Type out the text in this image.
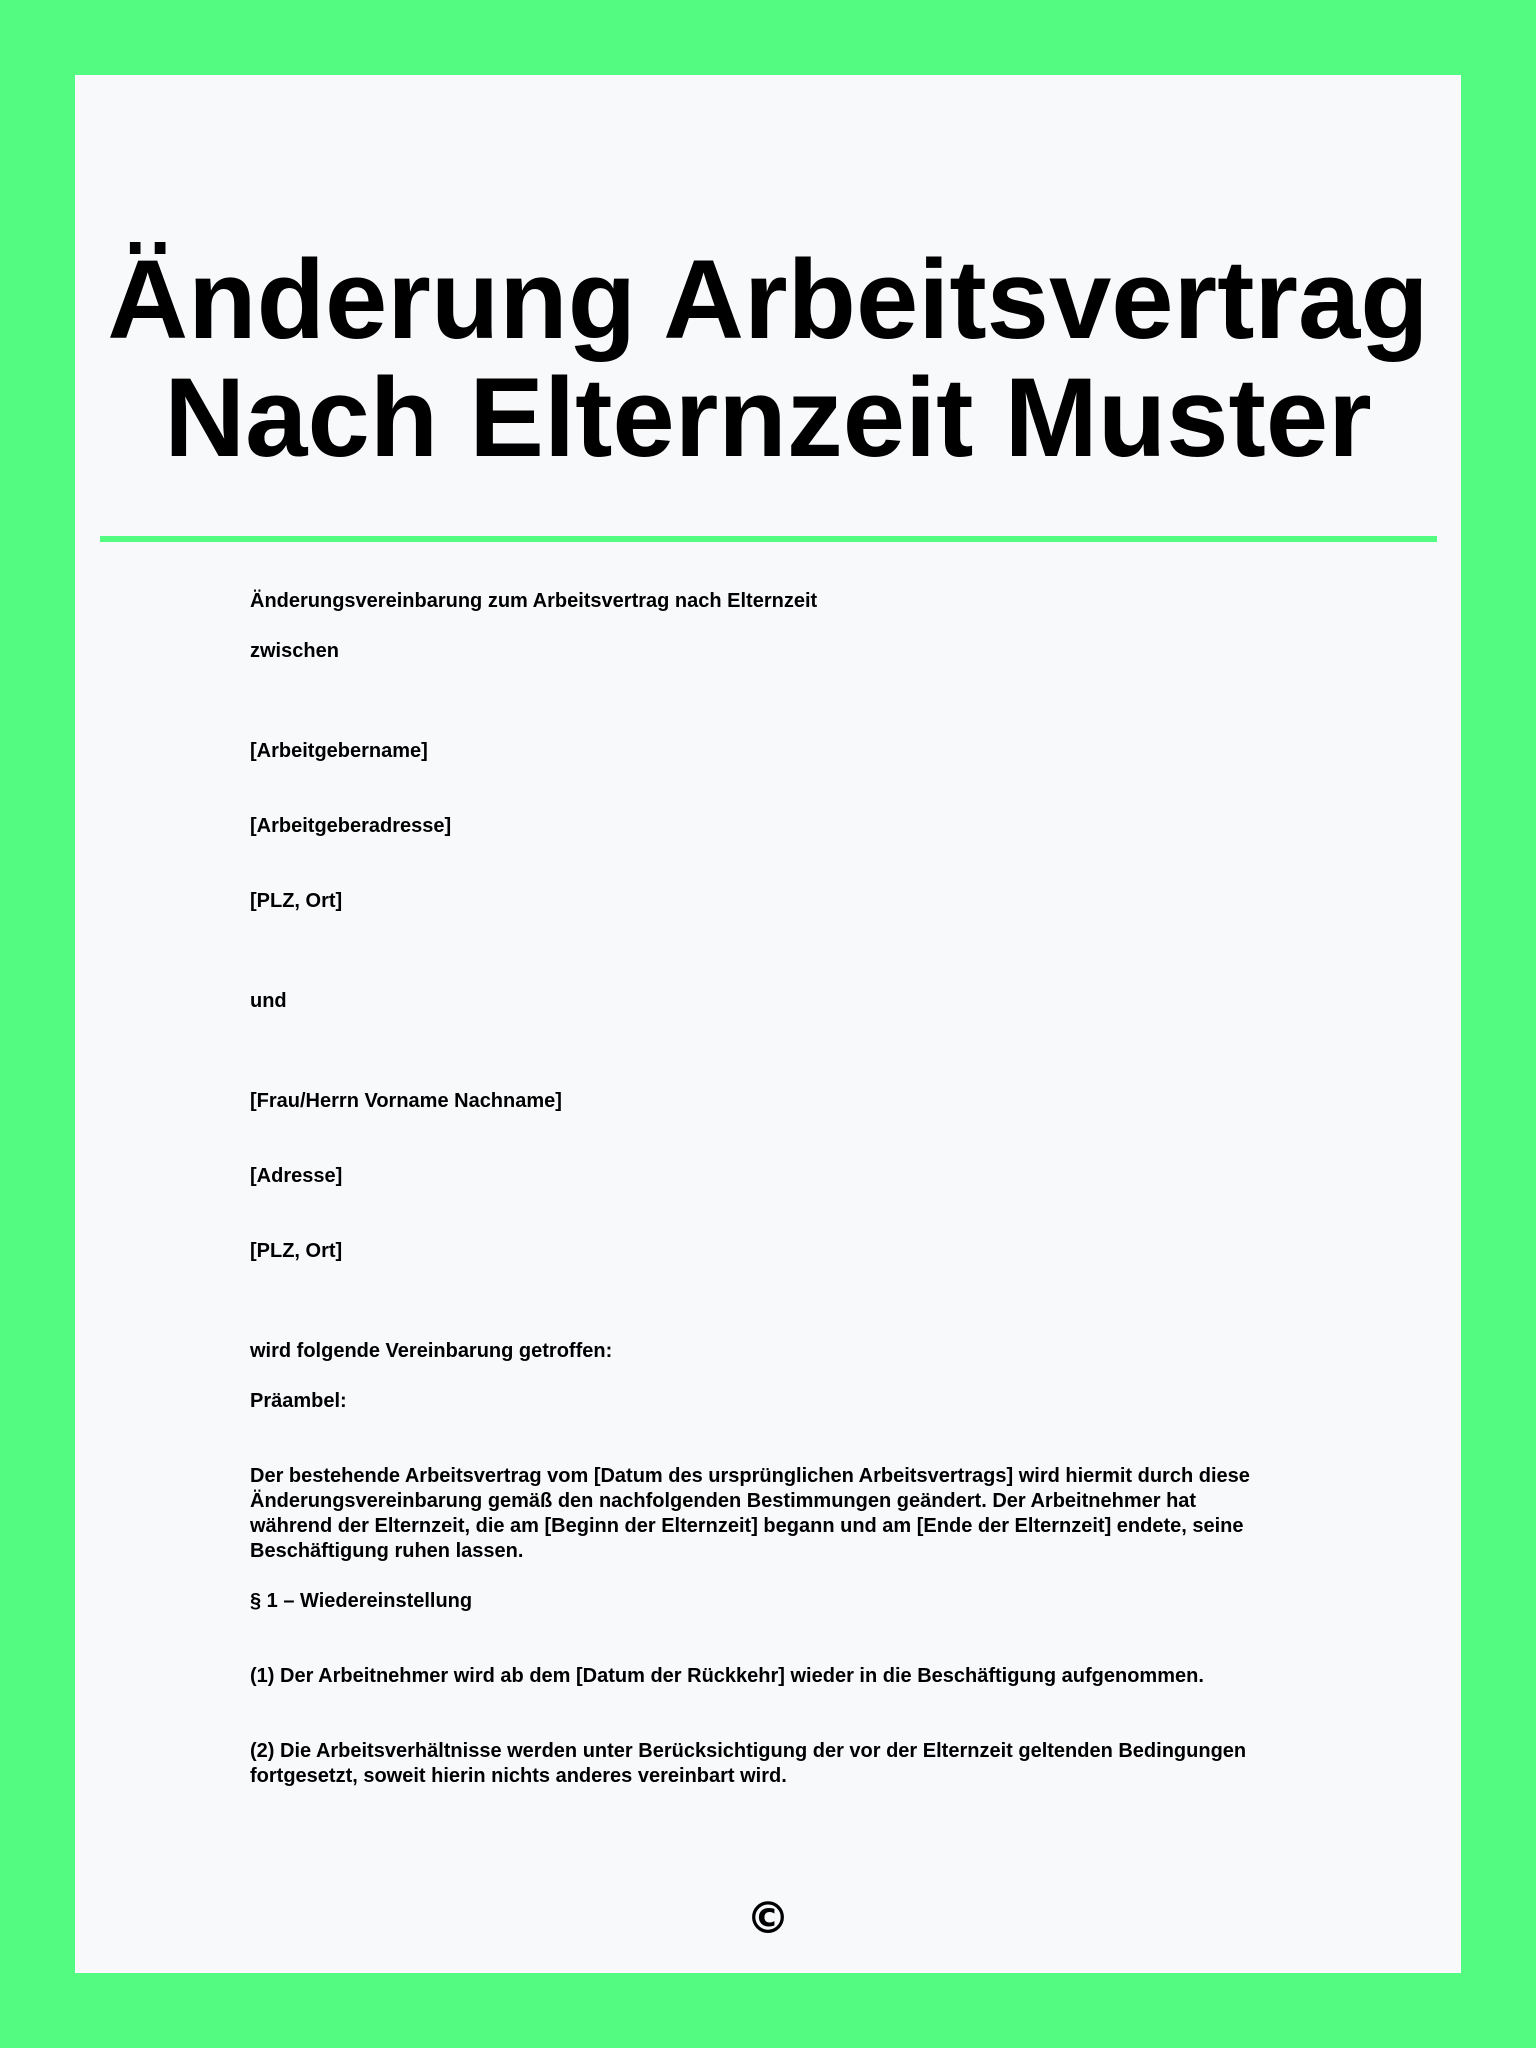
Änderung Arbeitsvertrag
Nach Elternzeit Muster

Änderungsvereinbarung zum Arbeitsvertrag nach Elternzeit

zwischen

[Arbeitgebername]

[Arbeitgeberadresse]

[PLZ, Ort]

und

[Frau/Herrn Vorname Nachname]

[Adresse]

[PLZ, Ort]

wird folgende Vereinbarung getroffen:

Präambel:

Der bestehende Arbeitsvertrag vom [Datum des ursprünglichen Arbeitsvertrags] wird hiermit durch diese Änderungsvereinbarung gemäß den nachfolgenden Bestimmungen geändert. Der Arbeitnehmer hat während der Elternzeit, die am [Beginn der Elternzeit] begann und am [Ende der Elternzeit] endete, seine Beschäftigung ruhen lassen.

§ 1 – Wiedereinstellung

(1) Der Arbeitnehmer wird ab dem [Datum der Rückkehr] wieder in die Beschäftigung aufgenommen.

(2) Die Arbeitsverhältnisse werden unter Berücksichtigung der vor der Elternzeit geltenden Bedingungen fortgesetzt, soweit hierin nichts anderes vereinbart wird.

©
